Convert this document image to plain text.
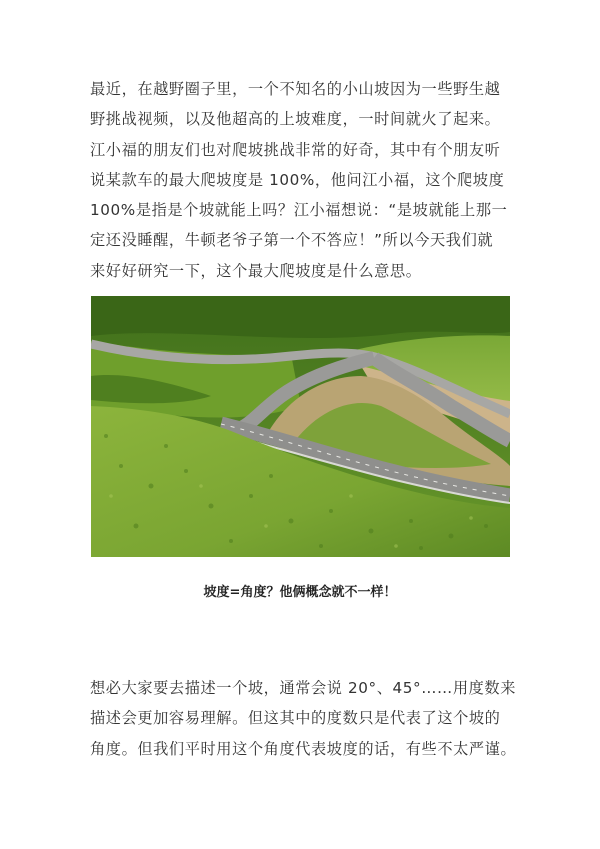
最近，在越野圈子里，一个不知名的小山坡因为一些野生越
野挑战视频，以及他超高的上坡难度，一时间就火了起来。
江小福的朋友们也对爬坡挑战非常的好奇，其中有个朋友听
说某款车的最大爬坡度是 100%，他问江小福，这个爬坡度
100%是指是个坡就能上吗？江小福想说：“是坡就能上那一
定还没睡醒，牛顿老爷子第一个不答应！”所以今天我们就
来好好研究一下，这个最大爬坡度是什么意思。

坡度=角度？他俩概念就不一样！

想必大家要去描述一个坡，通常会说 20°、45°……用度数来
描述会更加容易理解。但这其中的度数只是代表了这个坡的
角度。但我们平时用这个角度代表坡度的话，有些不太严谨。
